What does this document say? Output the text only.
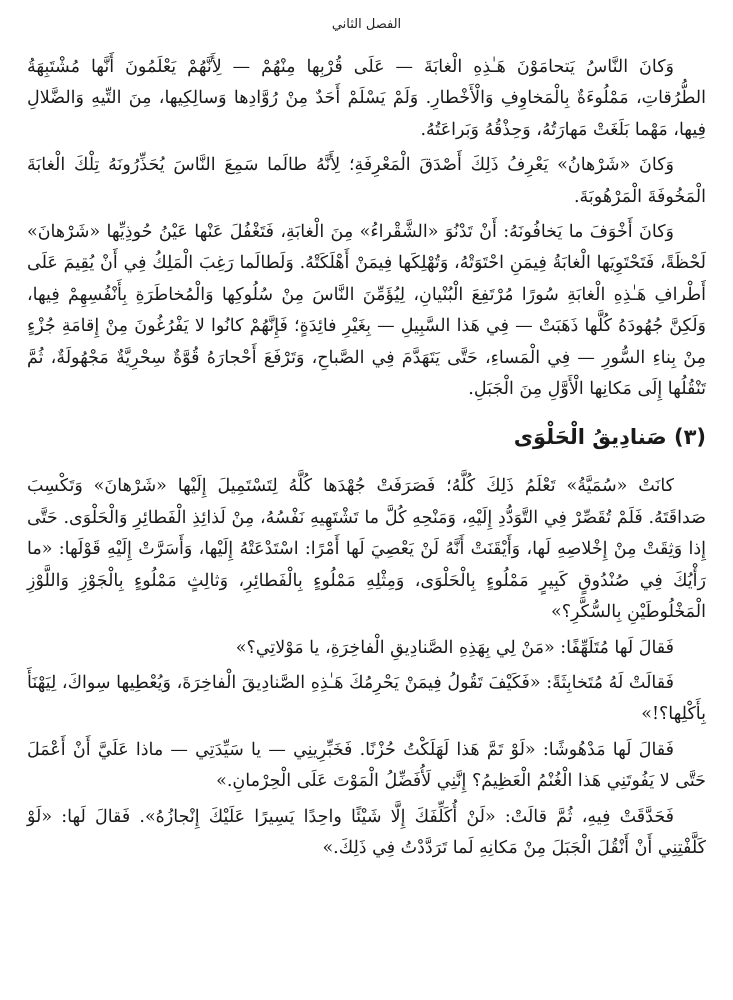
الفصل الثاني

وَكانَ النَّاسُ يَتحامَوْنَ هَـٰذِهِ الْغابَةَ — عَلَى قُرْبِها مِنْهُمْ — لِأَنَّهُمْ يَعْلَمُونَ أَنَّها مُشْتَبِهَةُ الطُّرُقاتِ، مَمْلُوءَةٌ بِالْمَخاوِفِ وَالْأَخْطارِ. وَلَمْ يَسْلَمْ أَحَدٌ مِنْ رُوَّادِها وَسالِكِيها، مِنَ التِّيهِ وَالضَّلالِ فِيها، مَهْما بَلَغَتْ مَهارَتُهُ، وَحِذْقُهُ وَبَراعَتُهُ.

وَكانَ «شَرْهانُ» يَعْرِفُ ذَلِكَ أَصْدَقَ الْمَعْرِفَةِ؛ لِأَنَّهُ طالَما سَمِعَ النَّاسَ يُحَذِّرُونَهُ تِلْكَ الْغابَةَ الْمَخُوفَةَ الْمَرْهُوبَةَ.

وَكانَ أَخْوَفَ ما يَخافُونَهُ: أَنْ تَدْنُوَ «الشَّقْراءُ» مِنَ الْغابَةِ، فَتَغْفُلَ عَنْها عَيْنُ حُوذِيِّها «شَرْهانَ» لَحْظَةً، فَتَحْتَوِيَها الْغابَةُ فِيمَنِ احْتَوَتْهُ، وَتُهْلِكَها فِيمَنْ أَهْلَكَتْهُ. وَلَطالَما رَغِبَ الْمَلِكُ فِي أَنْ يُقِيمَ عَلَى أَطْرافِ هَـٰذِهِ الْغابَةِ سُورًا مُرْتَفِعَ الْبُنْيانِ، لِيُؤَمِّنَ النَّاسَ مِنْ سُلُوكِها وَالْمُخاطَرَةِ بِأَنْفُسِهِمْ فِيها، وَلَكِنَّ جُهُودَهُ كُلَّها ذَهَبَتْ — فِي هَذا السَّبِيلِ — بِغَيْرِ فائِدَةٍ؛ فَإِنَّهُمْ كانُوا لا يَفْرُغُونَ مِنْ إِقامَةِ جُزْءٍ مِنْ بِناءِ السُّورِ — فِي الْمَساءِ، حَتَّى يَتَهَدَّمَ فِي الصَّباحِ، وَتَرْفَعَ أَحْجارَهُ قُوَّةٌ سِحْرِيَّةٌ مَجْهُولَةٌ، ثُمَّ تَنْقُلُها إِلَى مَكانِها الْأَوَّلِ مِنَ الْجَبَلِ.

(٣) صَنادِيقُ الْحَلْوَى

كانَتْ «سُمَيَّةُ» تَعْلَمُ ذَلِكَ كُلَّهُ؛ فَصَرَفَتْ جُهْدَها كُلَّهُ لِتَسْتَمِيلَ إِلَيْها «شَرْهانَ» وَتَكْسِبَ صَداقَتَهُ. فَلَمْ تُقَصِّرْ فِي التَّوَدُّدِ إِلَيْهِ، وَمَنْحِهِ كُلَّ ما تَشْتَهِيهِ نَفْسُهُ، مِنْ لَذائِذِ الْفَطائِرِ وَالْحَلْوَى. حَتَّى إِذا وَثِقَتْ مِنْ إِخْلاصِهِ لَها، وَأَيْقَنَتْ أَنَّهُ لَنْ يَعْصِيَ لَها أَمْرًا: اسْتَدْعَتْهُ إِلَيْها، وَأَسَرَّتْ إِلَيْهِ قَوْلَها: «ما رَأْيُكَ فِي صُنْدُوقٍ كَبِيرٍ مَمْلُوءٍ بِالْحَلْوَى، وَمِثْلِهِ مَمْلُوءٍ بِالْفَطائِرِ، وَثالِثٍ مَمْلُوءٍ بِالْجَوْزِ وَاللَّوْزِ الْمَخْلُوطَيْنِ بِالسُّكَّرِ؟»

فَقالَ لَها مُتَلَهِّفًا: «مَنْ لِي بِهَذِهِ الصَّنادِيقِ الْفاخِرَةِ، يا مَوْلاتِي؟»

فَقالَتْ لَهُ مُتَخابِثَةً: «فَكَيْفَ تَقُولُ فِيمَنْ يَحْرِمُكَ هَـٰذِهِ الصَّنادِيقَ الْفاخِرَةَ، وَيُعْطِيها سِواكَ، لِيَهْنَأَ بِأَكْلِها؟!»

فَقالَ لَها مَدْهُوشًا: «لَوْ تَمَّ هَذا لَهَلَكْتُ حُزْنًا. فَخَبِّرِينِي — يا سَيِّدَتِي — ماذا عَلَيَّ أَنْ أَعْمَلَ حَتَّى لا يَفُوتَنِي هَذا الْغُنْمُ الْعَظِيمُ؟ إِنَّنِي لَأُفَضِّلُ الْمَوْتَ عَلَى الْحِرْمانِ.»

فَحَدَّقَتْ فِيهِ، ثُمَّ قالَتْ: «لَنْ أُكَلِّفَكَ إِلَّا شَيْئًا واحِدًا يَسِيرًا عَلَيْكَ إِنْجازُهُ». فَقالَ لَها: «لَوْ كَلَّفْتِنِي أَنْ أَنْقُلَ الْجَبَلَ مِنْ مَكانِهِ لَما تَرَدَّدْتُ فِي ذَلِكَ.»
